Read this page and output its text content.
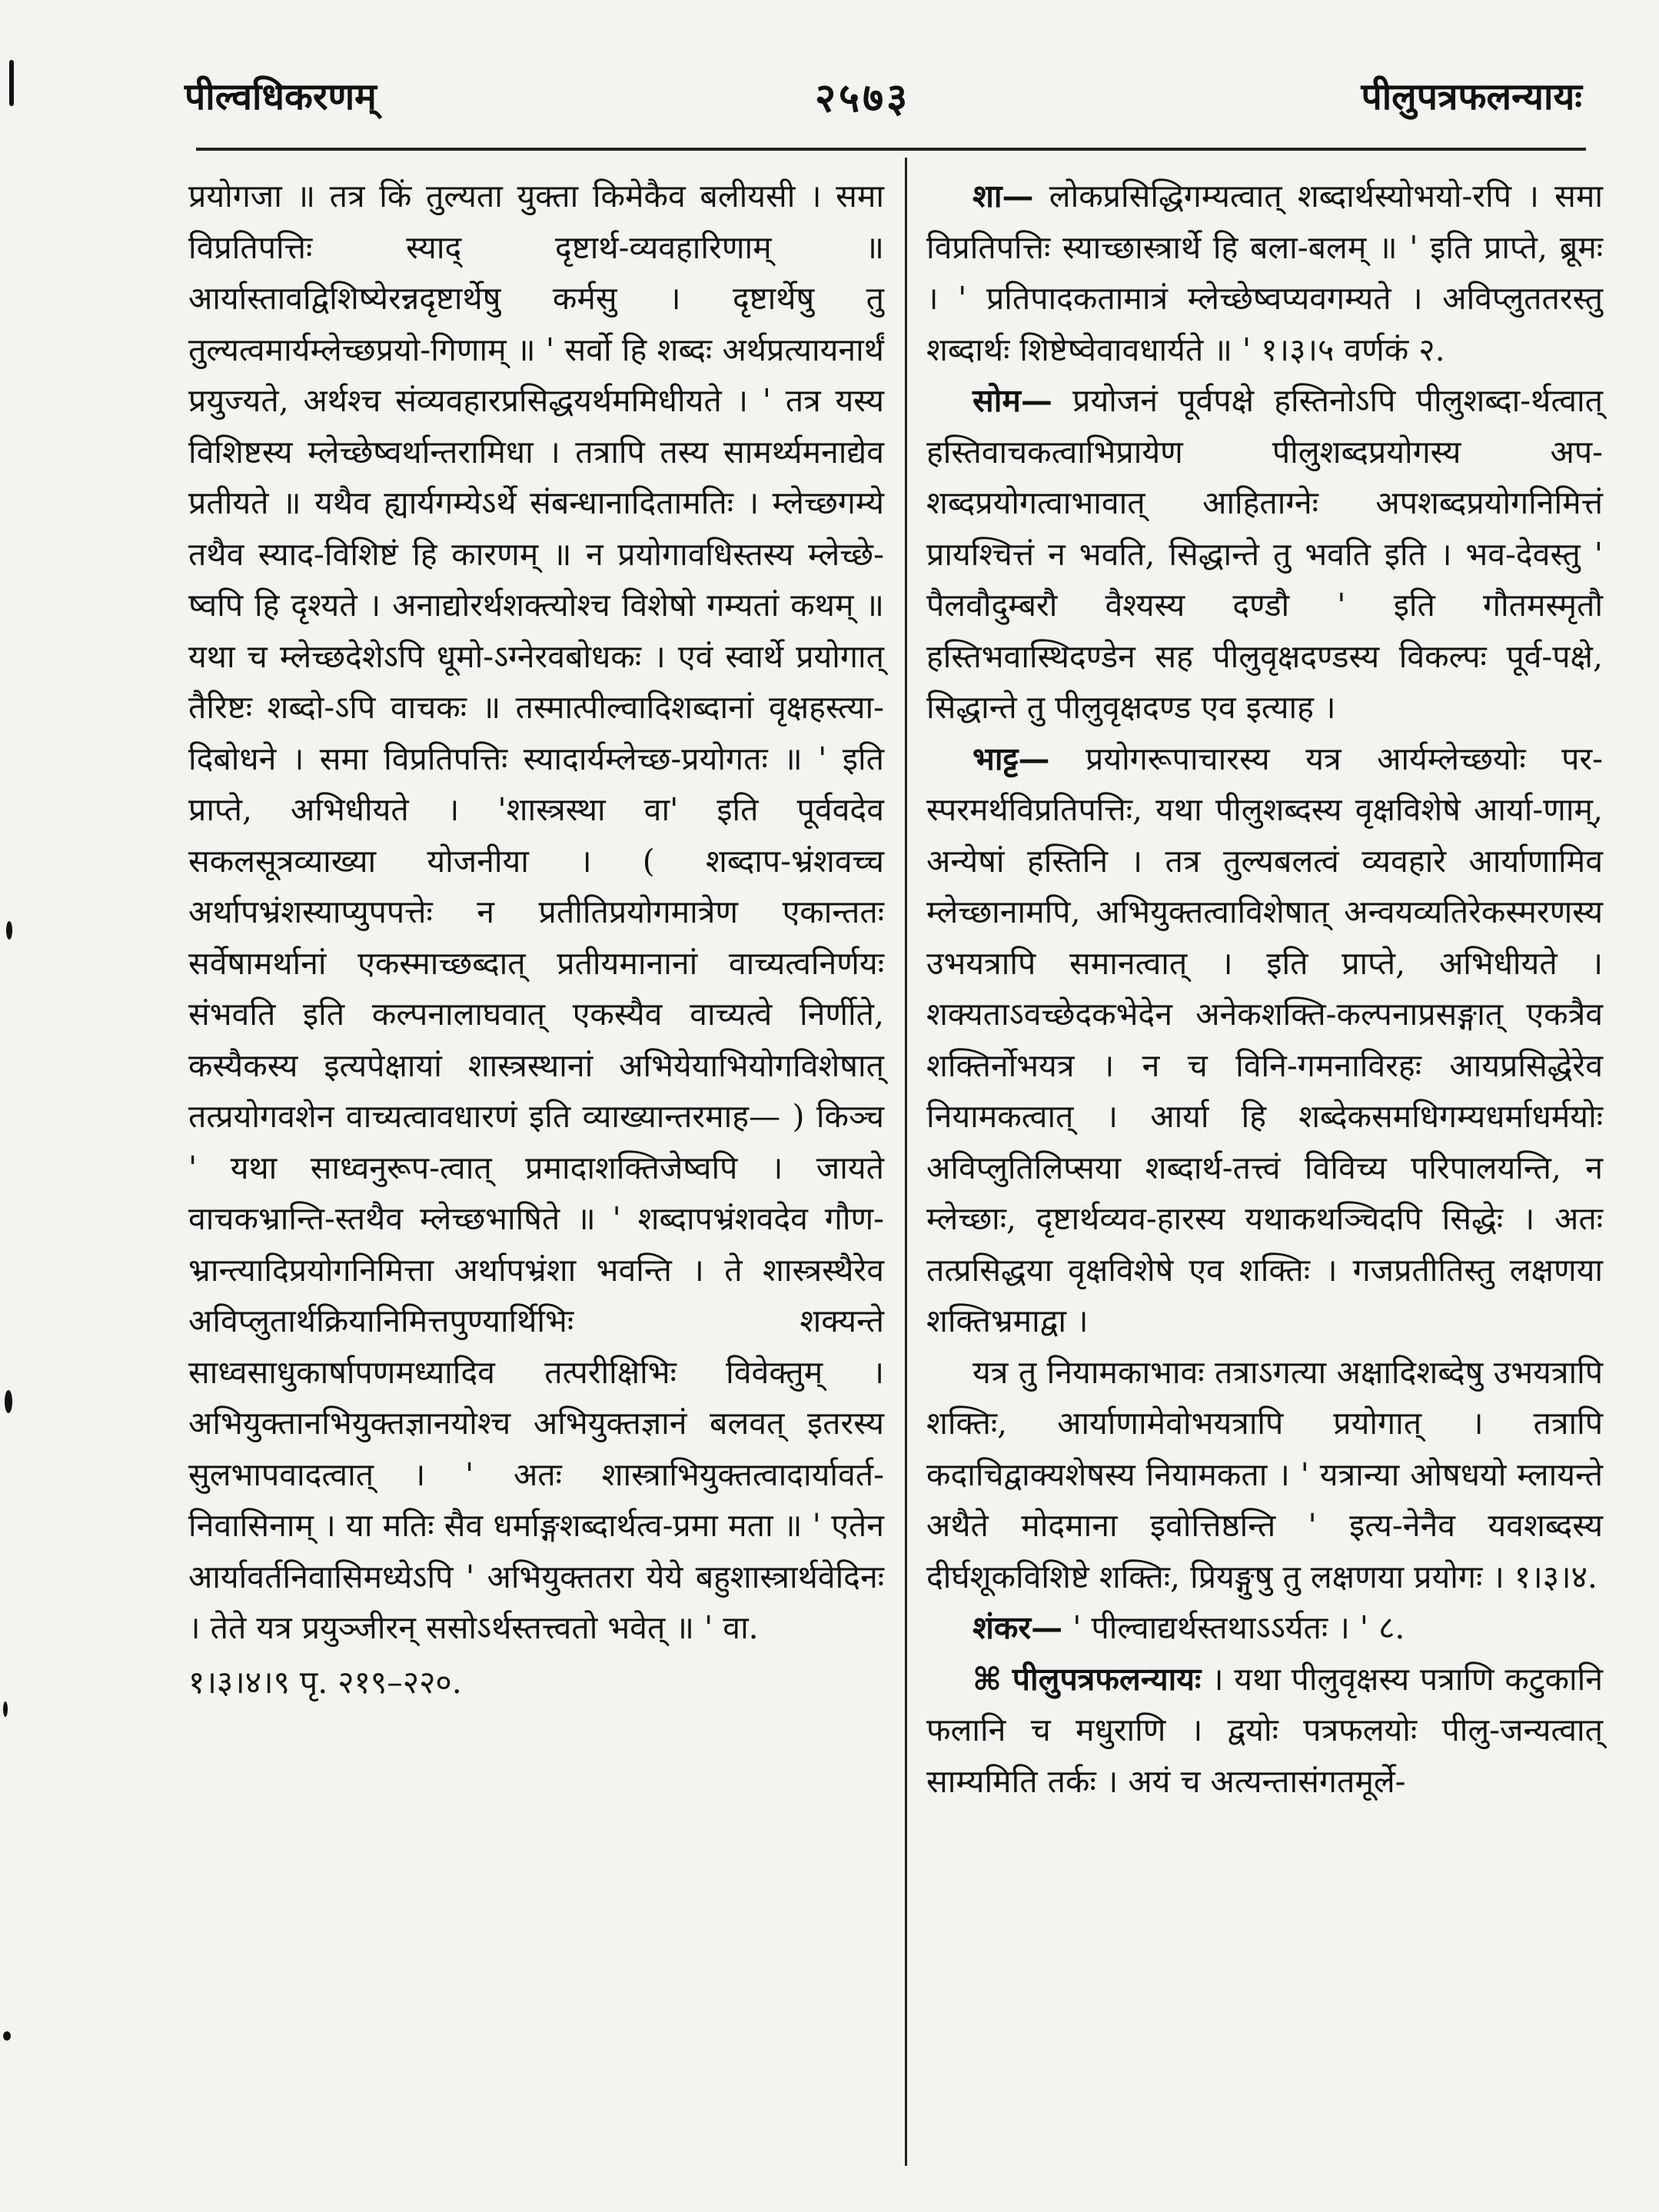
पील्वधिकरणम्	२५७३	पीलुपत्रफलन्यायः

प्रयोगजा ॥ तत्र किं तुल्यता युक्ता किमेकैव बलीयसी । समा विप्रतिपत्तिः स्याद् दृष्टार्थ-व्यवहारिणाम् ॥ आर्यास्तावद्विशिष्येरन्नदृष्टार्थेषु कर्मसु । दृष्टार्थेषु तु तुल्यत्वमार्यम्लेच्छप्रयो-गिणाम् ॥ ' सर्वो हि शब्दः अर्थप्रत्यायनार्थं प्रयुज्यते, अर्थश्च संव्यवहारप्रसिद्धयर्थममिधीयते । ' तत्र यस्य विशिष्टस्य म्लेच्छेष्वर्थान्तरामिधा । तत्रापि तस्य सामर्थ्यमनाद्येव प्रतीयते ॥ यथैव ह्यार्यगम्येऽर्थे संबन्धानादितामतिः । म्लेच्छगम्ये तथैव स्याद-विशिष्टं हि कारणम् ॥ न प्रयोगावधिस्तस्य म्लेच्छे-ष्वपि हि दृश्यते । अनाद्योरर्थशक्त्योश्च विशेषो गम्यतां कथम् ॥ यथा च म्लेच्छदेशेऽपि धूमो-ऽग्नेरवबोधकः । एवं स्वार्थे प्रयोगात् तैरिष्टः शब्दो-ऽपि वाचकः ॥ तस्मात्पील्वादिशब्दानां वृक्षहस्त्या-दिबोधने । समा विप्रतिपत्तिः स्यादार्यम्लेच्छ-प्रयोगतः ॥ ' इति प्राप्ते, अभिधीयते । 'शास्त्रस्था वा' इति पूर्ववदेव सकलसूत्रव्याख्या योजनीया । ( शब्दाप-भ्रंशवच्च अर्थापभ्रंशस्याप्युपपत्तेः न प्रतीतिप्रयोगमात्रेण एकान्ततः सर्वेषामर्थानां एकस्माच्छब्दात् प्रतीयमानानां वाच्यत्वनिर्णयः संभवति इति कल्पनालाघवात् एकस्यैव वाच्यत्वे निर्णीते, कस्यैकस्य इत्यपेक्षायां शास्त्रस्थानां अभियेयाभियोगविशेषात् तत्प्रयोगवशेन वाच्यत्वावधारणं इति व्याख्यान्तरमाह— ) किञ्च ' यथा साध्वनुरूप-त्वात् प्रमादाशक्तिजेष्वपि । जायते वाचकभ्रान्ति-स्तथैव म्लेच्छभाषिते ॥ ' शब्दापभ्रंशवदेव गौण-भ्रान्त्यादिप्रयोगनिमित्ता अर्थापभ्रंशा भवन्ति । ते शास्त्रस्थैरेव अविप्लुतार्थक्रियानिमित्तपुण्यार्थिभिः शक्यन्ते साध्वसाधुकार्षापणमध्यादिव तत्परीक्षिभिः विवेक्तुम् । अभियुक्तानभियुक्तज्ञानयोश्च अभियुक्तज्ञानं बलवत् इतरस्य सुलभापवादत्वात् । ' अतः शास्त्राभियुक्तत्वादार्यावर्त-निवासिनाम् । या मतिः सैव धर्माङ्गशब्दार्थत्व-प्रमा मता ॥ ' एतेन आर्यावर्तनिवासिमध्येऽपि ' अभियुक्ततरा येये बहुशास्त्रार्थवेदिनः । तेते यत्र प्रयुञ्जीरन् ससोऽर्थस्तत्त्वतो भवेत् ॥ ' वा.

१।३।४।९ पृ. २१९–२२०.

शा— लोकप्रसिद्धिगम्यत्वात् शब्दार्थस्योभयो-रपि । समा विप्रतिपत्तिः स्याच्छास्त्रार्थे हि बला-बलम् ॥ ' इति प्राप्ते, ब्रूमः । ' प्रतिपादकतामात्रं म्लेच्छेष्वप्यवगम्यते । अविप्लुततरस्तु शब्दार्थः शिष्टेष्वेवावधार्यते ॥ ' १।३।५ वर्णकं २.

सोम— प्रयोजनं पूर्वपक्षे हस्तिनोऽपि पीलुशब्दा-र्थत्वात् हस्तिवाचकत्वाभिप्रायेण पीलुशब्दप्रयोगस्य अप-शब्दप्रयोगत्वाभावात् आहिताग्नेः अपशब्दप्रयोगनिमित्तं प्रायश्चित्तं न भवति, सिद्धान्ते तु भवति इति । भव-देवस्तु ' पैलवौदुम्बरौ वैश्यस्य दण्डौ ' इति गौतमस्मृतौ हस्तिभवास्थिदण्डेन सह पीलुवृक्षदण्डस्य विकल्पः पूर्व-पक्षे, सिद्धान्ते तु पीलुवृक्षदण्ड एव इत्याह ।

भाट्ट— प्रयोगरूपाचारस्य यत्र आर्यम्लेच्छयोः पर-स्परमर्थविप्रतिपत्तिः, यथा पीलुशब्दस्य वृक्षविशेषे आर्या-णाम्, अन्येषां हस्तिनि । तत्र तुल्यबलत्वं व्यवहारे आर्याणामिव म्लेच्छानामपि, अभियुक्तत्वाविशेषात् अन्वयव्यतिरेकस्मरणस्य उभयत्रापि समानत्वात् । इति प्राप्ते, अभिधीयते । शक्यताऽवच्छेदकभेदेन अनेकशक्ति-कल्पनाप्रसङ्गात् एकत्रैव शक्तिर्नोभयत्र । न च विनि-गमनाविरहः आयप्रसिद्धेरेव नियामकत्वात् । आर्या हि शब्देकसमधिगम्यधर्माधर्मयोः अविप्लुतिलिप्सया शब्दार्थ-तत्त्वं विविच्य परिपालयन्ति, न म्लेच्छाः, दृष्टार्थव्यव-हारस्य यथाकथञ्चिदपि सिद्धेः । अतः तत्प्रसिद्धया वृक्षविशेषे एव शक्तिः । गजप्रतीतिस्तु लक्षणया शक्तिभ्रमाद्वा ।

यत्र तु नियामकाभावः तत्राऽगत्या अक्षादिशब्देषु उभयत्रापि शक्तिः, आर्याणामेवोभयत्रापि प्रयोगात् । तत्रापि कदाचिद्वाक्यशेषस्य नियामकता । ' यत्रान्या ओषधयो म्लायन्ते अथैते मोदमाना इवोत्तिष्ठन्ति ' इत्य-नेनैव यवशब्दस्य दीर्घशूकविशिष्टे शक्तिः, प्रियङ्गुषु तु लक्षणया प्रयोगः । १।३।४.

शंकर— ' पील्वाद्यर्थस्तथाऽऽर्यतः । ' ८.

⌘ पीलुपत्रफलन्यायः । यथा पीलुवृक्षस्य पत्राणि कटुकानि फलानि च मधुराणि । द्वयोः पत्रफलयोः पीलु-जन्यत्वात् साम्यमिति तर्कः । अयं च अत्यन्तासंगतमूर्ले-
